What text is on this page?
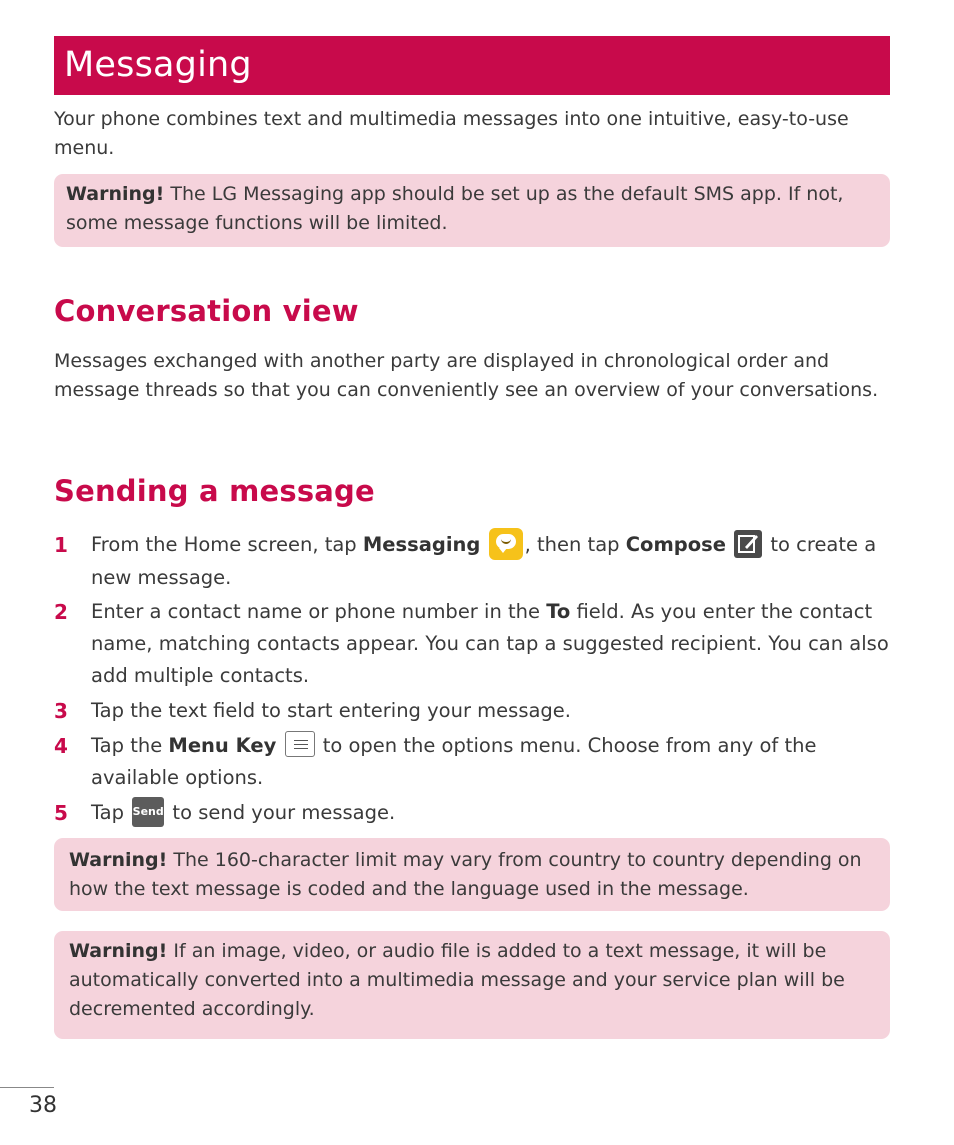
Messaging

Your phone combines text and multimedia messages into one intuitive, easy-to-use menu.

Warning! The LG Messaging app should be set up as the default SMS app. If not, some message functions will be limited.
Conversation view

Messages exchanged with another party are displayed in chronological order and message threads so that you can conveniently see an overview of your conversations.

Sending a message
1 From the Home screen, tap Messaging , then tap Compose  to create a new message.
2 Enter a contact name or phone number in the To field. As you enter the contact name, matching contacts appear. You can tap a suggested recipient. You can also add multiple contacts.
3 Tap the text field to start entering your message.
4 Tap the Menu Key
to open the options menu. Choose from any of the available options.
5 Tap Send to send your message.
Warning! The 160-character limit may vary from country to country depending on how the text message is coded and the language used in the message.
Warning! If an image, video, or audio file is added to a text message, it will be automatically converted into a multimedia message and your service plan will be decremented accordingly.
38
